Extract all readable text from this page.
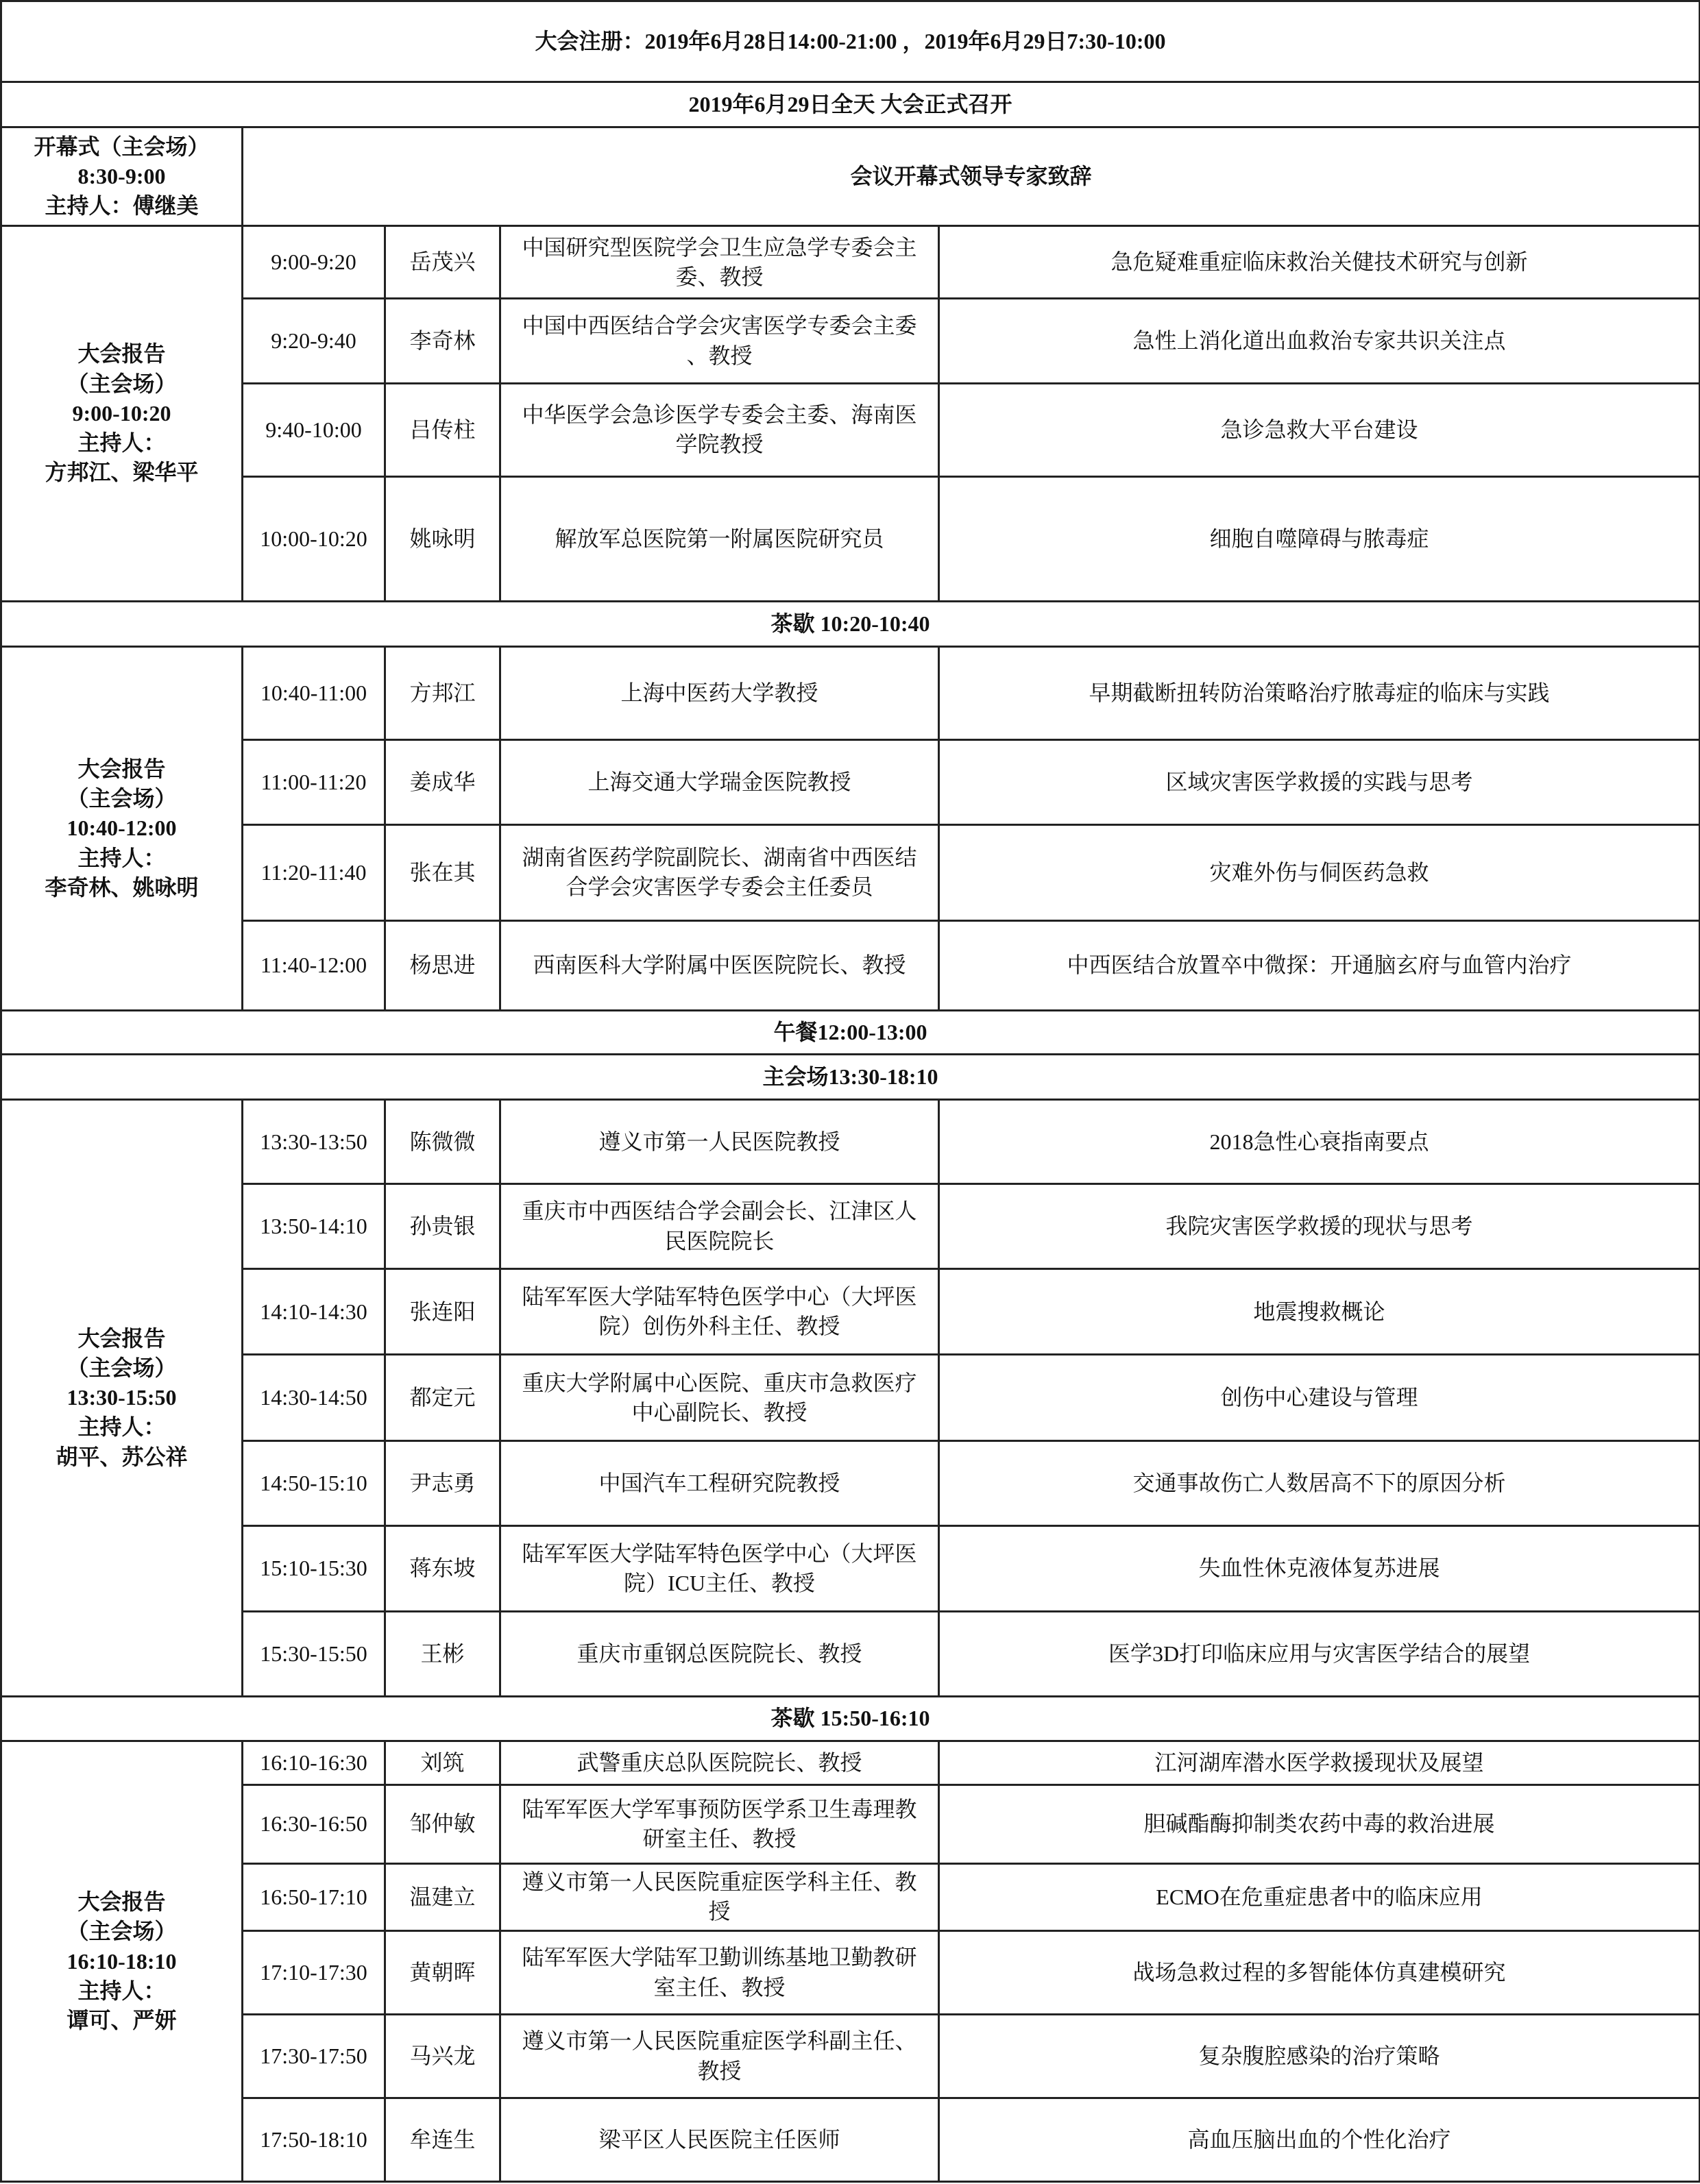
大会注册：2019年6月28日14:00-21:00 ，2019年6月29日7:30-10:00				
2019年6月29日全天 大会正式召开				

开幕式（主会场）
8:30-9:00
主持人：傅继美	会议开幕式领导专家致辞			

大会报告
（主会场）
9:00-10:20
主持人：
方邦江、梁华平	9:00-9:20	岳茂兴	中国研究型医院学会卫生应急学专委会主
委、教授	急危疑难重症临床救治关健技术研究与创新
	9:20-9:40	李奇林	中国中西医结合学会灾害医学专委会主委
、教授	急性上消化道出血救治专家共识关注点
	9:40-10:00	吕传柱	中华医学会急诊医学专委会主委、海南医
学院教授	急诊急救大平台建设
	10:00-10:20	姚咏明	解放军总医院第一附属医院研究员	细胞自噬障碍与脓毒症
茶歇 10:20-10:40				

大会报告
（主会场）
10:40-12:00
主持人：
李奇林、姚咏明	10:40-11:00	方邦江	上海中医药大学教授	早期截断扭转防治策略治疗脓毒症的临床与实践
	11:00-11:20	姜成华	上海交通大学瑞金医院教授	区域灾害医学救援的实践与思考
	11:20-11:40	张在其	湖南省医药学院副院长、湖南省中西医结
合学会灾害医学专委会主任委员	灾难外伤与侗医药急救
	11:40-12:00	杨思进	西南医科大学附属中医医院院长、教授	中西医结合放置卒中微探：开通脑玄府与血管内治疗
午餐12:00-13:00				
主会场13:30-18:10				

大会报告
（主会场）
13:30-15:50
主持人：
胡平、苏公祥	13:30-13:50	陈微微	遵义市第一人民医院教授	2018急性心衰指南要点
	13:50-14:10	孙贵银	重庆市中西医结合学会副会长、江津区人
民医院院长	我院灾害医学救援的现状与思考
	14:10-14:30	张连阳	陆军军医大学陆军特色医学中心（大坪医
院）创伤外科主任、教授	地震搜救概论
	14:30-14:50	都定元	重庆大学附属中心医院、重庆市急救医疗
中心副院长、教授	创伤中心建设与管理
	14:50-15:10	尹志勇	中国汽车工程研究院教授	交通事故伤亡人数居高不下的原因分析
	15:10-15:30	蒋东坡	陆军军医大学陆军特色医学中心（大坪医
院）ICU主任、教授	失血性休克液体复苏进展
	15:30-15:50	王彬	重庆市重钢总医院院长、教授	医学3D打印临床应用与灾害医学结合的展望
茶歇 15:50-16:10				

大会报告
（主会场）
16:10-18:10
主持人：
谭可、严妍	16:10-16:30	刘筑	武警重庆总队医院院长、教授	江河湖库潜水医学救援现状及展望
	16:30-16:50	邹仲敏	陆军军医大学军事预防医学系卫生毒理教
研室主任、教授	胆碱酯酶抑制类农药中毒的救治进展
	16:50-17:10	温建立	遵义市第一人民医院重症医学科主任、教
授	ECMO在危重症患者中的临床应用
	17:10-17:30	黄朝晖	陆军军医大学陆军卫勤训练基地卫勤教研
室主任、教授	战场急救过程的多智能体仿真建模研究
	17:30-17:50	马兴龙	遵义市第一人民医院重症医学科副主任、
教授	复杂腹腔感染的治疗策略
	17:50-18:10	牟连生	梁平区人民医院主任医师	高血压脑出血的个性化治疗
